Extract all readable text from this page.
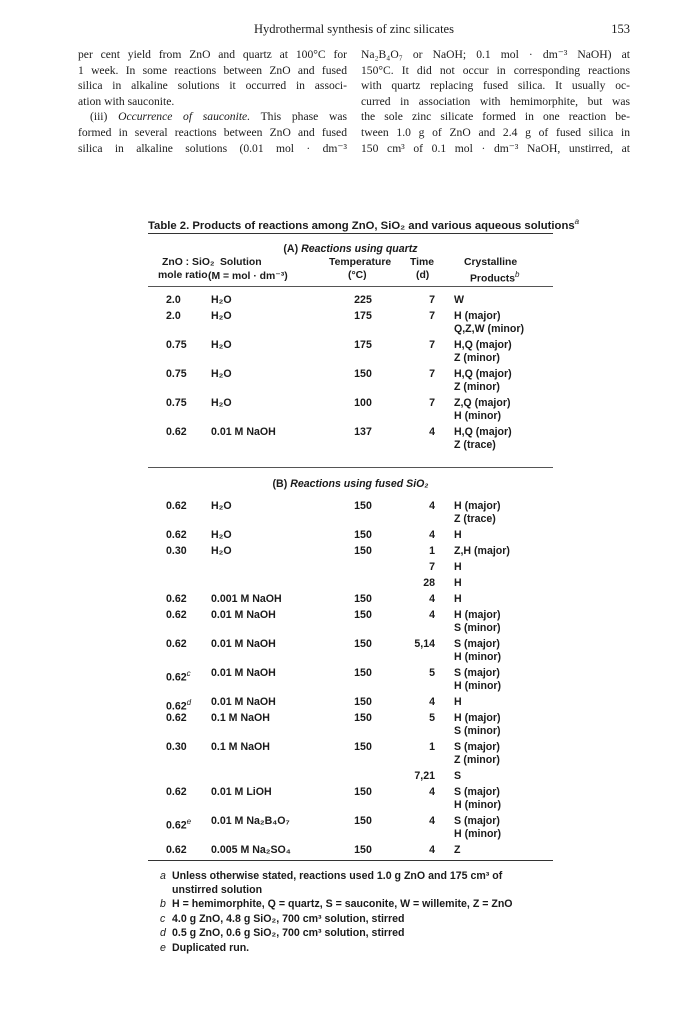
Hydrothermal synthesis of zinc silicates	153
per cent yield from ZnO and quartz at 100°C for
1 week. In some reactions between ZnO and fused
silica in alkaline solutions it occurred in associ-
ation with sauconite.
(iii) Occurrence of sauconite. This phase was
formed in several reactions between ZnO and fused
silica in alkaline solutions (0.01 mol · dm⁻³
Na₂B₄O₇ or NaOH; 0.1 mol · dm⁻³ NaOH) at
150°C. It did not occur in corresponding reactions
with quartz replacing fused silica. It usually oc-
curred in association with hemimorphite, but was
the sole zinc silicate formed in one reaction be-
tween 1.0 g of ZnO and 2.4 g of fused silica in
150 cm³ of 0.1 mol · dm⁻³ NaOH, unstirred, at
Table 2. Products of reactions among ZnO, SiO₂ and various aqueous solutions$^a$
(A) Reactions using quartz
ZnO : SiO₂ Solution	Temperature Time	Crystalline
mole ratio (M = mol · dm⁻³)	(°C)	(d)	Products$^b$
2.0	H₂O	225	7 W
2.0	H₂O	175	7 H (major)
Q,Z,W (minor)
0.75 H₂O	175	7 H,Q (major)
Z (minor)
0.75 H₂O	150	7 H,Q (major)
Z (minor)
0.75 H₂O	100	7 Z,Q (major)
H (minor)
0.62 0.01 M NaOH	137	4 H,Q (major)
Z (trace)
(B) Reactions using fused SiO₂
0.62 H₂O	150	4 H (major)
Z (trace)
0.62 H₂O	150	4 H
0.30 H₂O	150	1 Z,H (major)
7 H
28 H
0.62 0.001 M NaOH	150	4 H
0.62 0.01 M NaOH	150	4 H (major)
S (minor)
0.62 0.01 M NaOH	150	5,14 S (major)
H (minor)
0.62$^c$ 0.01 M NaOH	150	5 S (major)
H (minor)
0.62$^d$ 0.01 M NaOH	150	4 H
0.62 0.1 M NaOH	150	5 H (major)
S (minor)
0.30 0.1 M NaOH	150	1 S (major)
Z (minor)
7,21 S
0.62 0.01 M LiOH	150	4 S (major)
H (minor)
0.62e 0.01 M Na₂B₄O₇	150	4 S (major)
H (minor)
0.62 0.005 M Na₂SO₄	150	4 Z
a Unless otherwise stated, reactions used 1.0 g ZnO and 175 cm³ of
unstirred solution
b H = hemimorphite, Q = quartz, S = sauconite, W = willemite, Z = ZnO
c 4.0 g ZnO, 4.8 g SiO₂, 700 cm³ solution, stirred
d 0.5 g ZnO, 0.6 g SiO₂, 700 cm³ solution, stirred
e Duplicated run.
